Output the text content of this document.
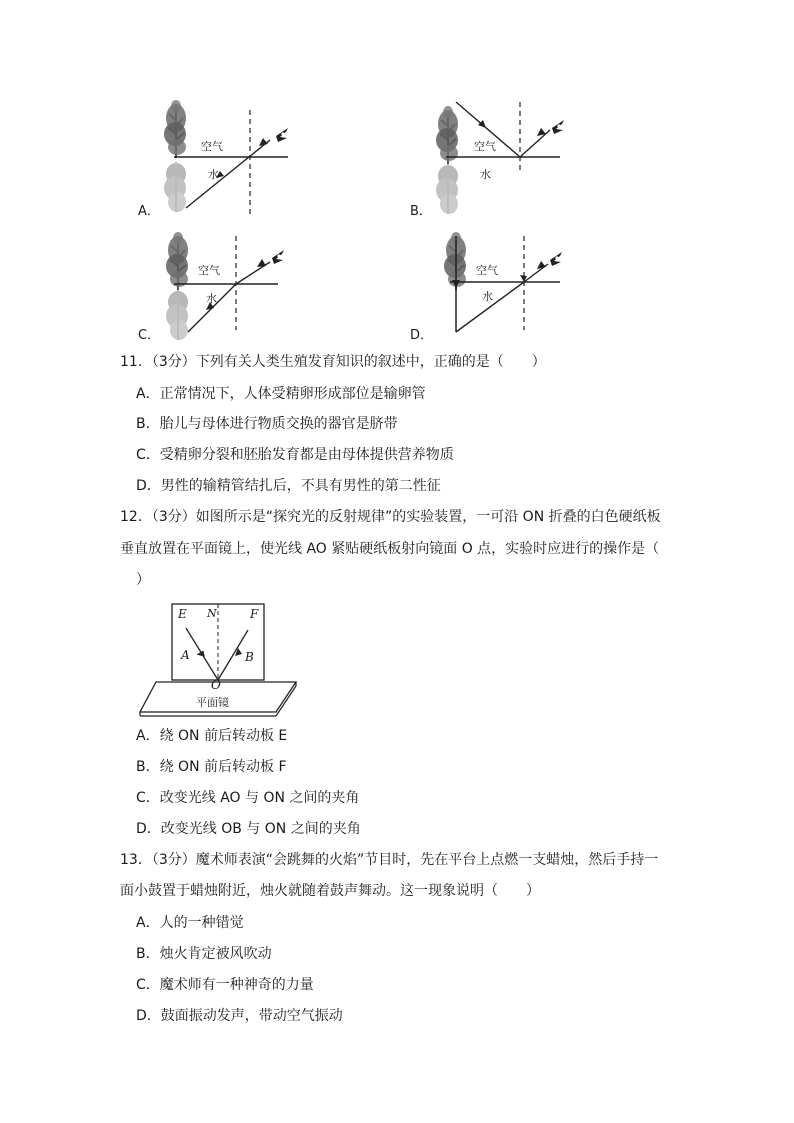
空气
水
A．
空气
水
B．
空气
水
C．
空气
水
D．
11．（3分）下列有关人类生殖发育知识的叙述中，正确的是（　　）
A．正常情况下，人体受精卵形成部位是输卵管
B．胎儿与母体进行物质交换的器官是脐带
C．受精卵分裂和胚胎发育都是由母体提供营养物质
D．男性的输精管结扎后，不具有男性的第二性征
12．（3分）如图所示是“探究光的反射规律”的实验装置，一可沿 ON 折叠的白色硬纸板
垂直放置在平面镜上，使光线 AO 紧贴硬纸板射向镜面 O 点，实验时应进行的操作是（
）
E N	F
A	B
O
平面镜
A．绕 ON 前后转动板 E
B．绕 ON 前后转动板 F
C．改变光线 AO 与 ON 之间的夹角
D．改变光线 OB 与 ON 之间的夹角
13．（3分）魔术师表演“会跳舞的火焰”节目时，先在平台上点燃一支蜡烛，然后手持一
面小鼓置于蜡烛附近，烛火就随着鼓声舞动。这一现象说明（　　）
A．人的一种错觉
B．烛火肯定被风吹动
C．魔术师有一种神奇的力量
D．鼓面振动发声，带动空气振动
